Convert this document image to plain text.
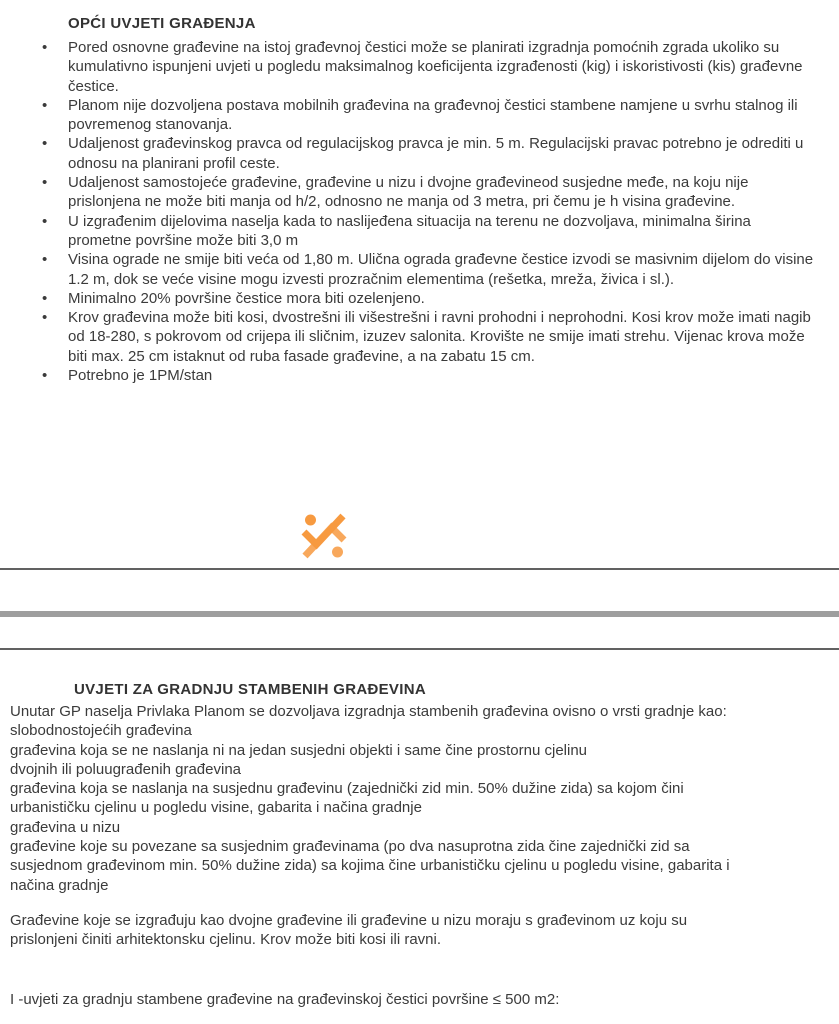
OPĆI UVJETI GRAĐENJA
• Pored osnovne građevine na istoj građevnoj čestici može se planirati izgradnja pomoćnih zgrada ukoliko su kumulativno ispunjeni uvjeti u pogledu maksimalnog koeficijenta izgrađenosti (kig) i iskoristivosti (kis) građevne čestice.
• Planom nije dozvoljena postava mobilnih građevina na građevnoj čestici stambene namjene u svrhu stalnog ili povremenog stanovanja.
• Udaljenost građevinskog pravca od regulacijskog pravca je min. 5 m. Regulacijski pravac potrebno je odrediti u odnosu na planirani profil ceste.
• Udaljenost samostojeće građevine, građevine u nizu i dvojne građevineod susjedne međe, na koju nije prislonjena ne može biti manja od h/2, odnosno ne manja od 3 metra, pri čemu je h visina građevine.
• U izgrađenim dijelovima naselja kada to naslijeđena situacija na terenu ne dozvoljava, minimalna širina prometne površine može biti 3,0 m
• Visina ograde ne smije biti veća od 1,80 m. Ulična ograda građevne čestice izvodi se masivnim dijelom do visine 1.2 m, dok se veće visine mogu izvesti prozračnim elementima (rešetka, mreža, živica i sl.).
• Minimalno 20% površine čestice mora biti ozelenjeno.
• Krov građevina može biti kosi, dvostrešni ili višestrešni i ravni prohodni i neprohodni. Kosi krov može imati nagib od 18-280, s pokrovom od crijepa ili sličnim, izuzev salonita. Krovište ne smije imati strehu. Vijenac krova može biti max. 25 cm istaknut od ruba fasade građevine, a na zabatu 15 cm.
• Potrebno je 1PM/stan
UVJETI ZA GRADNJU STAMBENIH GRAĐEVINA
Unutar GP naselja Privlaka Planom se dozvoljava izgradnja stambenih građevina ovisno o vrsti gradnje kao:
slobodnostojećih građevina
građevina koja se ne naslanja ni na jedan susjedni objekti i same čine prostornu cjelinu
dvojnih ili poluugrađenih građevina
građevina koja se naslanja na susjednu građevinu (zajednički zid min. 50% dužine zida) sa kojom čini
urbanističku cjelinu u pogledu visine, gabarita i načina gradnje
građevina u nizu
građevine koje su povezane sa susjednim građevinama (po dva nasuprotna zida čine zajednički zid sa
susjednom građevinom min. 50% dužine zida) sa kojima čine urbanističku cjelinu u pogledu visine, gabarita i
načina gradnje
Građevine koje se izgrađuju kao dvojne građevine ili građevine u nizu moraju s građevinom uz koju su
prislonjeni činiti arhitektonsku cjelinu. Krov može biti kosi ili ravni.
I -uvjeti za gradnju stambene građevine na građevinskoj čestici površine ≤ 500 m2:
